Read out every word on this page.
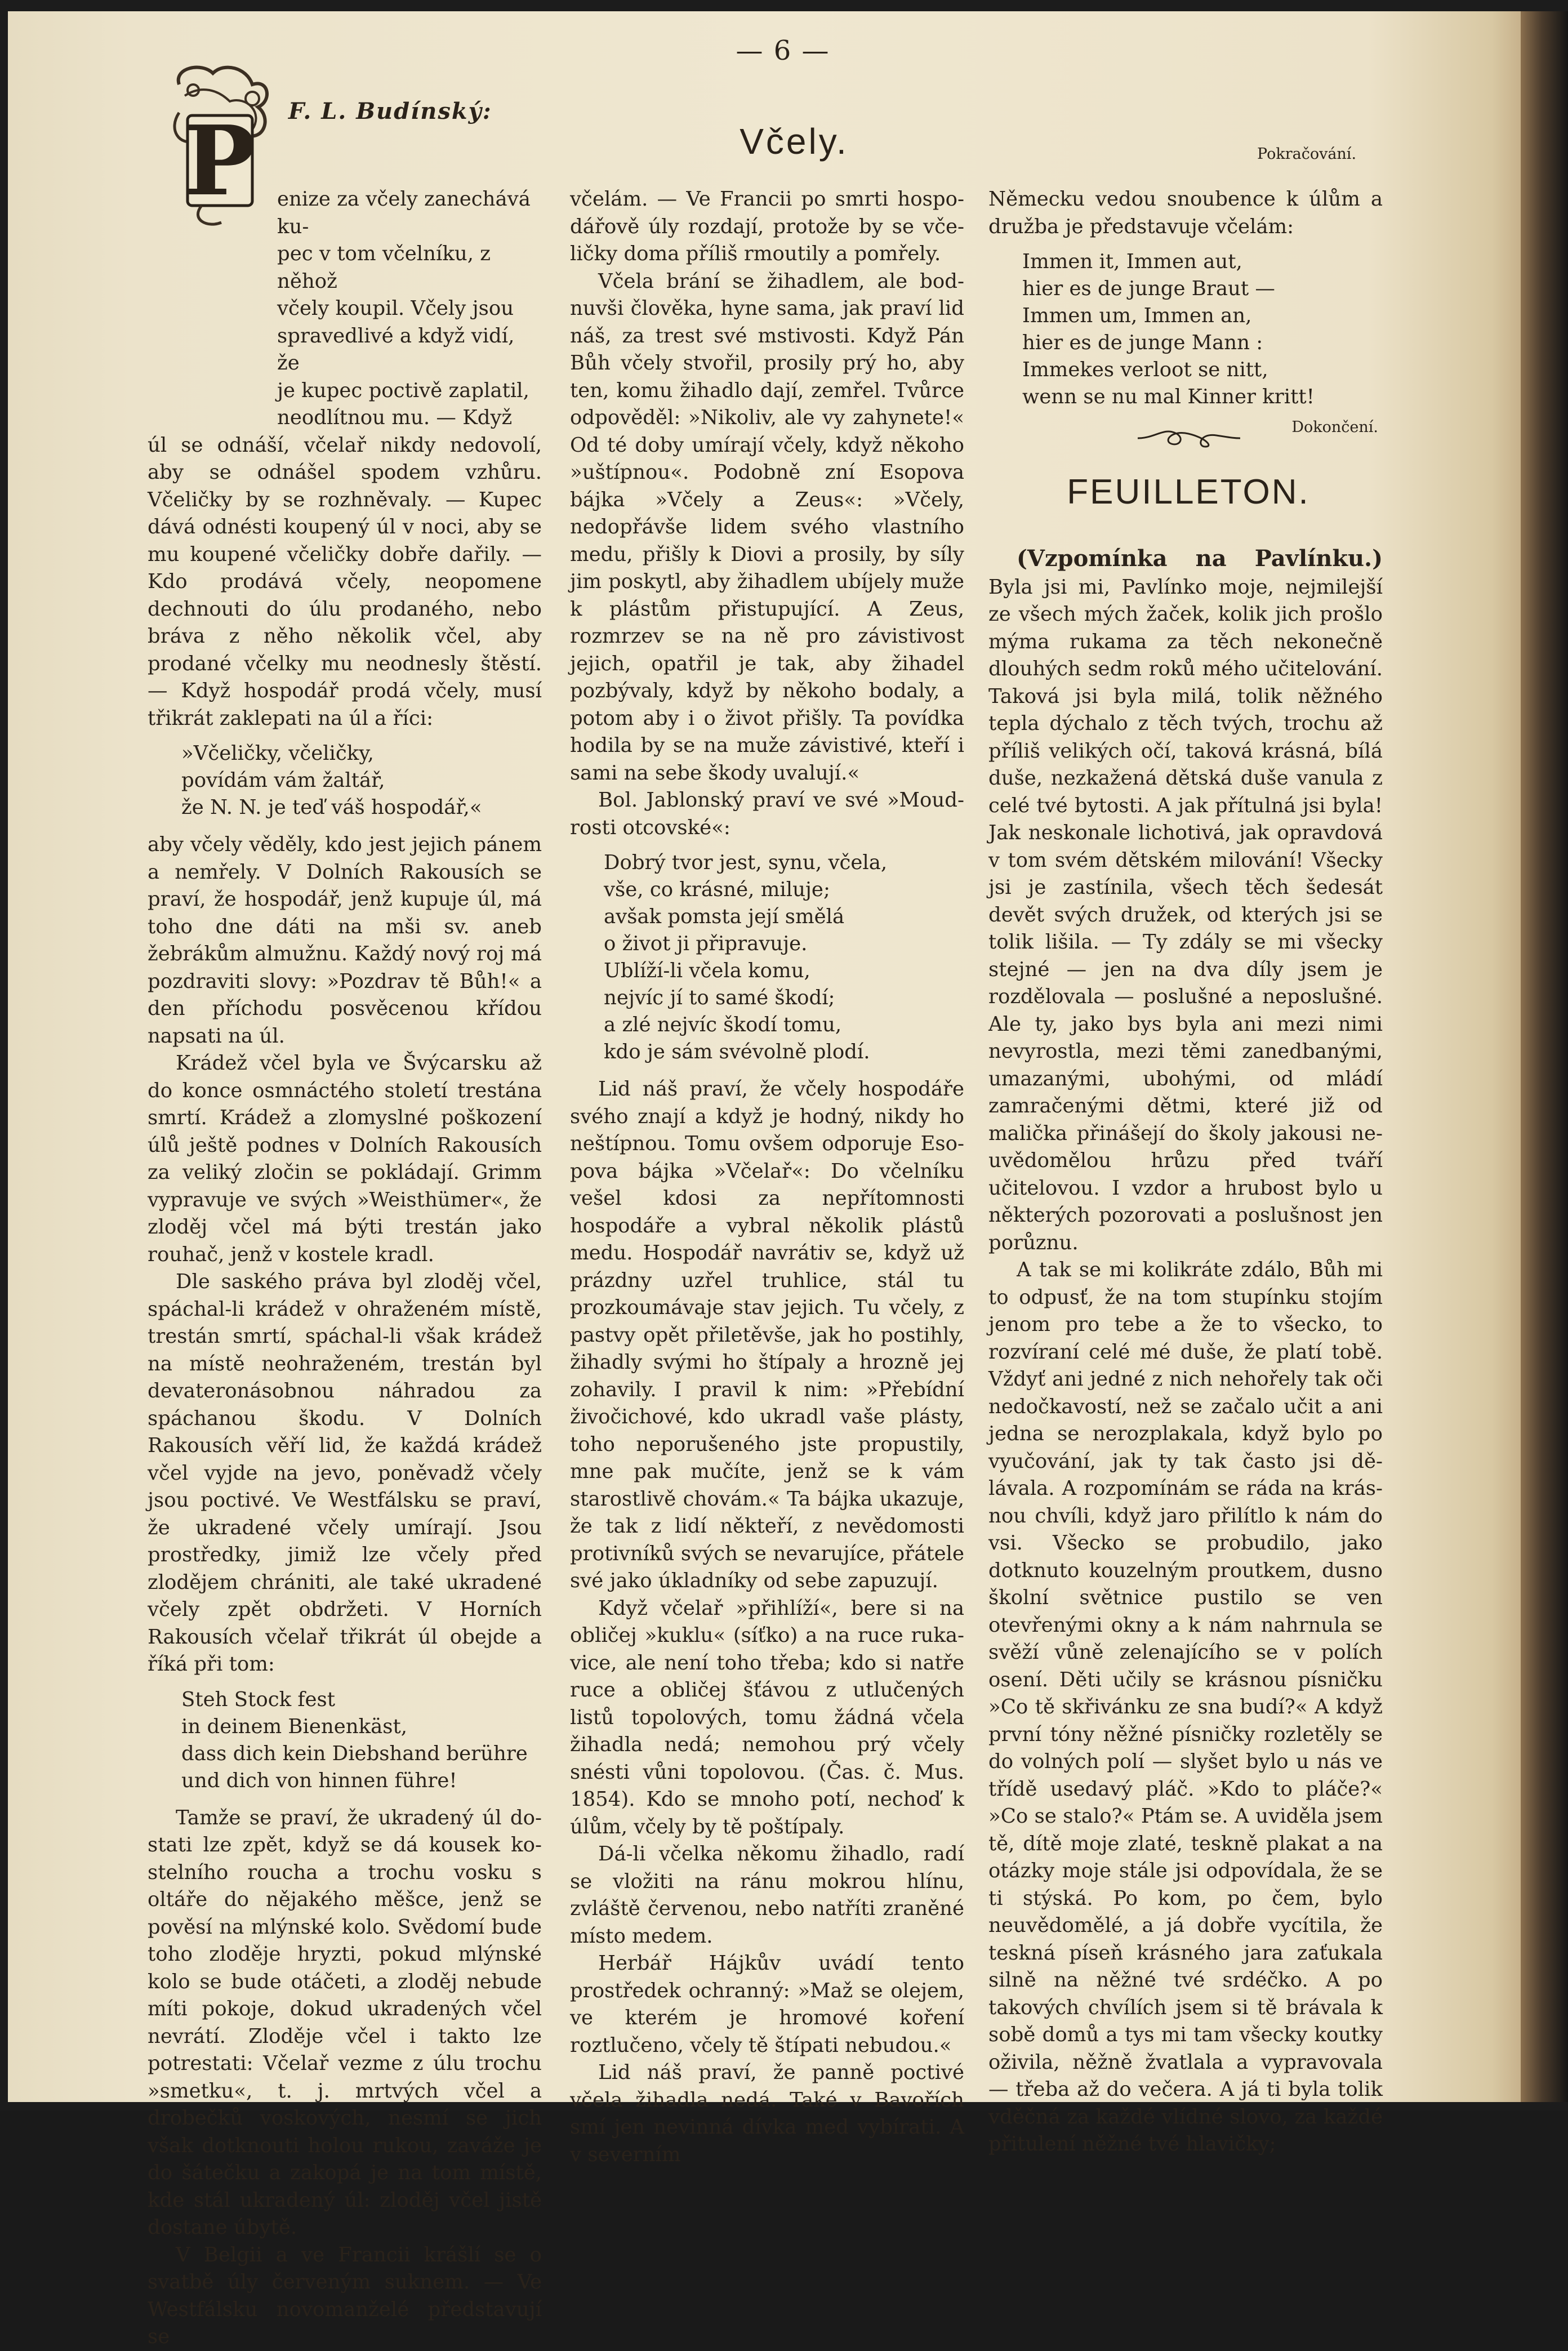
— 6 —
P F. L. Budínský:
Včely.	Pokračování.
enize za včely zanechává ku-
pec v tom včelníku, z něhož
včely koupil. Včely jsou
spravedlivé a když vidí, že
je kupec poctivě zaplatil,
neodlítnou mu. — Když

úl se odnáší, včelař nikdy nedovolí, aby se odnášel spodem vzhůru. Včeličky by se rozhněvaly. — Kupec dává odnésti koupený úl v noci, aby se mu koupené včeličky dobře dařily. — Kdo prodává včely, neopomene dechnouti do úlu prodaného, nebo bráva z něho několik včel, aby prodané včelky mu neodnesly štěstí. — Když hospodář prodá včely, musí třikrát zaklepati na úl a říci:

»Včeličky, včeličky,
povídám vám žaltář,
že N. N. je teď váš hospodář,«

aby včely věděly, kdo jest jejich pánem a nemřely. V Dolních Rakousích se praví, že hospodář, jenž kupuje úl, má toho dne dáti na mši sv. aneb žebrákům almužnu. Každý nový roj má pozdraviti slovy: »Pozdrav tě Bůh!« a den příchodu posvěcenou křídou napsati na úl.

Krádež včel byla ve Švýcarsku až do konce osmnáctého století trestána smrtí. Krádež a zlomyslné poškození úlů ještě podnes v Dolních Rakousích za veliký zločin se pokládají. Grimm vypravuje ve svých »Weisthümer«, že zloděj včel má býti trestán jako rouhač, jenž v kostele kradl.

Dle saského práva byl zloděj včel, spáchal-li krádež v ohraženém místě, trestán smrtí, spáchal-li však krádež na místě neohraženém, trestán byl devateronásobnou náhradou za spáchanou škodu. V Dolních Rakousích věří lid, že každá krádež včel vyjde na jevo, poněvadž včely jsou poctivé. Ve Westfálsku se praví, že ukradené včely umírají. Jsou prostředky, jimiž lze včely před zlodějem chrániti, ale také ukradené včely zpět obdržeti. V Horních Rakousích včelař třikrát úl obejde a říká při tom:

Steh Stock fest
in deinem Bienenkäst,
dass dich kein Diebshand berühre
und dich von hinnen führe!

Tamže se praví, že ukradený úl dostati lze zpět, když se dá kousek kostelního roucha a trochu vosku s oltáře do nějakého měšce, jenž se pověsí na mlýnské kolo. Svědomí bude toho zloděje hryzti, pokud mlýnské kolo se bude otáčeti, a zloděj nebude míti pokoje, dokud ukradených včel nevrátí. Zloděje včel i takto lze potrestati: Včelař vezme z úlu trochu »smetku«, t. j. mrtvých včel a drobečků voskových, nesmí se jich však dotknouti holou rukou, zaváže je do šátečku a zakopá je na tom místě, kde stál ukradený úl: zloděj včel jistě dostane úbytě.

V Belgii a ve Francii krášlí se o svatbě úly červeným suknem. — Ve Westfálsku novomanželé představují se

včelám. — Ve Francii po smrti hospodářově úly rozdají, protože by se včeličky doma příliš rmoutily a pomřely.

Včela brání se žihadlem, ale bodnuvši člověka, hyne sama, jak praví lid náš, za trest své mstivosti. Když Pán Bůh včely stvořil, prosily prý ho, aby ten, komu žihadlo dají, zemřel. Tvůrce odpověděl: »Nikoliv, ale vy zahynete!« Od té doby umírají včely, když někoho »uštípnou«. Podobně zní Esopova bájka »Včely a Zeus«: »Včely, nedopřávše lidem svého vlastního medu, přišly k Diovi a prosily, by síly jim poskytl, aby žihadlem ubíjely muže k plástům přistupující. A Zeus, rozmrzev se na ně pro závistivost jejich, opatřil je tak, aby žihadel pozbývaly, když by někoho bodaly, a potom aby i o život přišly. Ta povídka hodila by se na muže závistivé, kteří i sami na sebe škody uvalují.«

Bol. Jablonský praví ve své »Moudrosti otcovské«:

Dobrý tvor jest, synu, včela,
vše, co krásné, miluje;
avšak pomsta její smělá
o život ji připravuje.
Ublíží-li včela komu,
nejvíc jí to samé škodí;
a zlé nejvíc škodí tomu,
kdo je sám svévolně plodí.

Lid náš praví, že včely hospodáře svého znají a když je hodný, nikdy ho neštípnou. Tomu ovšem odporuje Esopova bájka »Včelař«: Do včelníku vešel kdosi za nepřítomnosti hospodáře a vybral několik plástů medu. Hospodář navrátiv se, když už prázdny uzřel truhlice, stál tu prozkoumávaje stav jejich. Tu včely, z pastvy opět přiletěvše, jak ho postihly, žihadly svými ho štípaly a hrozně jej zohavily. I pravil k nim: »Přebídní živočichové, kdo ukradl vaše plásty, toho neporušeného jste propustily, mne pak mučíte, jenž se k vám starostlivě chovám.« Ta bájka ukazuje, že tak z lidí někteří, z nevědomosti protivníků svých se nevarujíce, přátele své jako úkladníky od sebe zapuzují.

Když včelař »přihlíží«, bere si na obličej »kuklu« (síťko) a na ruce rukavice, ale není toho třeba; kdo si natře ruce a obličej šťávou z utlučených listů topolových, tomu žádná včela žihadla nedá; nemohou prý včely snésti vůni topolovou. (Čas. č. Mus. 1854). Kdo se mnoho potí, nechoď k úlům, včely by tě poštípaly.

Dá-li včelka někomu žihadlo, radí se vložiti na ránu mokrou hlínu, zvláště červenou, nebo natříti zraněné místo medem.

Herbář Hájkův uvádí tento prostředek ochranný: »Maž se olejem, ve kterém je hromové koření roztlučeno, včely tě štípati nebudou.«

Lid náš praví, že panně poctivé včela žihadla nedá. Také v Bavořích smí jen nevinná dívka med vybírati. A v severním

Německu vedou snoubence k úlům a družba je představuje včelám:

Immen it, Immen aut,
hier es de junge Braut —
Immen um, Immen an,
hier es de junge Mann :
Immekes verloot se nitt,
wenn se nu mal Kinner kritt!
Dokončení.
FEUILLETON.

(Vzpomínka na Pavlínku.) Byla jsi mi, Pavlínko moje, nejmilejší ze všech mých žaček, kolik jich prošlo mýma rukama za těch nekonečně dlouhých sedm roků mého učitelování. Taková jsi byla milá, tolik něžného tepla dýchalo z těch tvých, trochu až příliš velikých očí, taková krásná, bílá duše, nezkažená dětská duše vanula z celé tvé bytosti. A jak přítulná jsi byla! Jak neskonale lichotivá, jak opravdová v tom svém dětském milování! Všecky jsi je zastínila, všech těch šedesát devět svých družek, od kterých jsi se tolik lišila. — Ty zdály se mi všecky stejné — jen na dva díly jsem je rozdělovala — poslušné a neposlušné. Ale ty, jako bys byla ani mezi nimi nevyrostla, mezi těmi zanedbanými, umazanými, ubohými, od mládí zamračenými dětmi, které již od malička přinášejí do školy jakousi neuvědomělou hrůzu před tváří učitelovou. I vzdor a hrubost bylo u některých pozorovati a poslušnost jen porůznu.

A tak se mi kolikráte zdálo, Bůh mi to odpusť, že na tom stupínku stojím jenom pro tebe a že to všecko, to rozvíraní celé mé duše, že platí tobě. Vždyť ani jedné z nich nehořely tak oči nedočkavostí, než se začalo učit a ani jedna se nerozplakala, když bylo po vyučování, jak ty tak často jsi dělávala. A rozpomínám se ráda na krásnou chvíli, když jaro přilítlo k nám do vsi. Všecko se probudilo, jako dotknuto kouzelným proutkem, dusno školní světnice pustilo se ven otevřenými okny a k nám nahrnula se svěží vůně zelenajícího se v polích osení. Děti učily se krásnou písničku »Co tě skřivánku ze sna budí?« A když první tóny něžné písničky rozletěly se do volných polí — slyšet bylo u nás ve třídě usedavý pláč. »Kdo to pláče?« »Co se stalo?« Ptám se. A uviděla jsem tě, dítě moje zlaté, teskně plakat a na otázky moje stále jsi odpovídala, že se ti stýská. Po kom, po čem, bylo neuvědomělé, a já dobře vycítila, že teskná píseň krásného jara zaťukala silně na něžné tvé srdéčko. A po takových chvílích jsem si tě brávala k sobě domů a tys mi tam všecky koutky oživila, něžně žvatlala a vypravovala — třeba až do večera. A já ti byla tolik vděčná za každé vlídné slovo, za každé přitulení něžné tvé hlavičky;
